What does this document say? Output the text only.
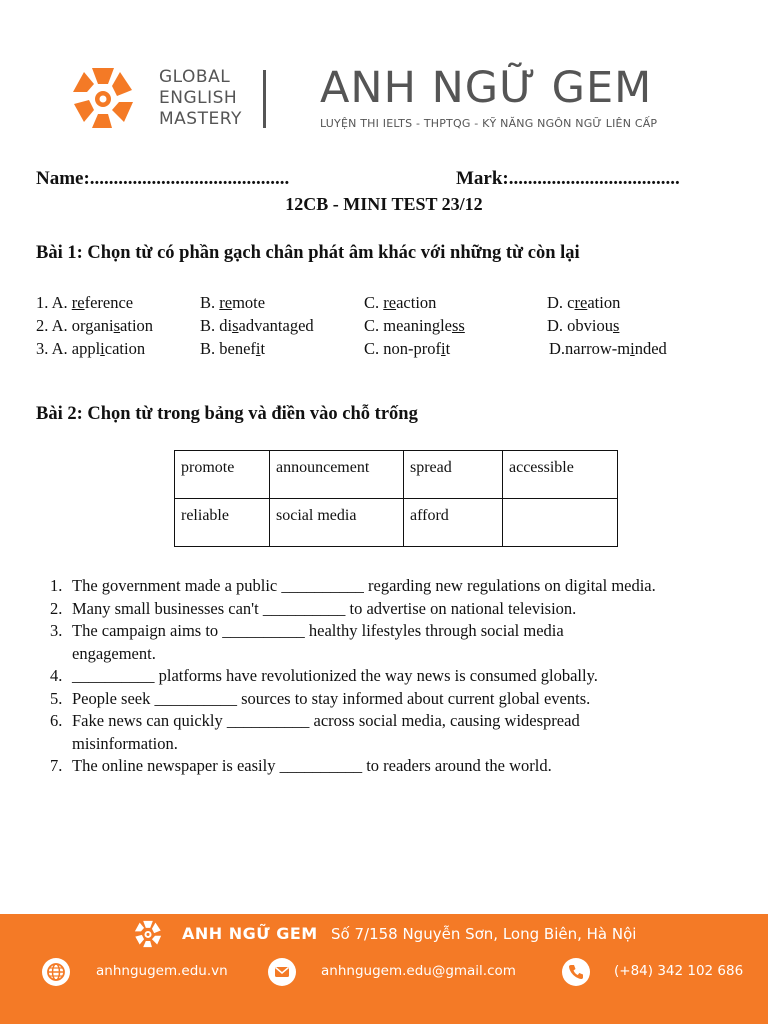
GLOBAL
ENGLISH
MASTERY
ANH NGỮ GEM
LUYỆN THI IELTS - THPTQG - KỸ NĂNG NGÔN NGỮ LIÊN CẤP
Name:..........................................	Mark:....................................
12CB - MINI TEST 23/12
Bài 1: Chọn từ có phần gạch chân phát âm khác với những từ còn lại
1. A. reference	B. remote	C. reaction	D. creation
2. A. organisation	B. disadvantaged	C. meaningless	D. obvious
3. A. application	B. benefit	C. non-profit	D.narrow-minded
Bài 2: Chọn từ trong bảng và điền vào chỗ trống
promote	announcement	spread	accessible
reliable	social media	afford	
1. The government made a public __________ regarding new regulations on digital media.
2. Many small businesses can't __________ to advertise on national television.
3. The campaign aims to __________ healthy lifestyles through social media engagement.
4. __________ platforms have revolutionized the way news is consumed globally.
5. People seek __________ sources to stay informed about current global events.
6. Fake news can quickly __________ across social media, causing widespread misinformation.
7. The online newspaper is easily __________ to readers around the world.
ANH NGỮ GEM Số 7/158 Nguyễn Sơn, Long Biên, Hà Nội
anhngugem.edu.vn	anhngugem.edu@gmail.com	(+84) 342 102 686
